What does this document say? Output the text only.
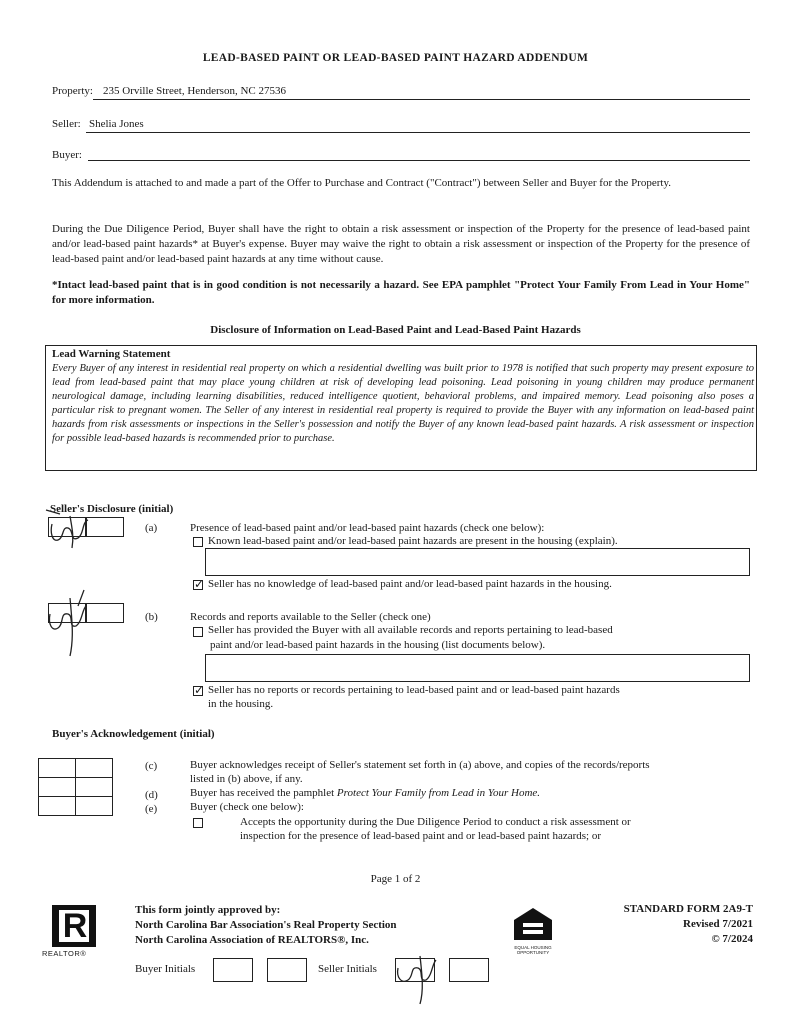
LEAD-BASED PAINT OR LEAD-BASED PAINT HAZARD ADDENDUM
Property: 235 Orville Street, Henderson, NC 27536
Seller: Shelia Jones
Buyer:
This Addendum is attached to and made a part of the Offer to Purchase and Contract ("Contract") between Seller and Buyer for the Property.
During the Due Diligence Period, Buyer shall have the right to obtain a risk assessment or inspection of the Property for the presence of lead-based paint and/or lead-based paint hazards* at Buyer's expense. Buyer may waive the right to obtain a risk assessment or inspection of the Property for the presence of lead-based paint and/or lead-based paint hazards at any time without cause.
*Intact lead-based paint that is in good condition is not necessarily a hazard. See EPA pamphlet "Protect Your Family From Lead in Your Home" for more information.
Disclosure of Information on Lead-Based Paint and Lead-Based Paint Hazards
Lead Warning Statement
Every Buyer of any interest in residential real property on which a residential dwelling was built prior to 1978 is notified that such property may present exposure to lead from lead-based paint that may place young children at risk of developing lead poisoning. Lead poisoning in young children may produce permanent neurological damage, including learning disabilities, reduced intelligence quotient, behavioral problems, and impaired memory. Lead poisoning also poses a particular risk to pregnant women. The Seller of any interest in residential real property is required to provide the Buyer with any information on lead-based paint hazards from risk assessments or inspections in the Seller's possession and notify the Buyer of any known lead-based paint hazards. A risk assessment or inspection for possible lead-based hazards is recommended prior to purchase.
Seller's Disclosure (initial)
(a)	Presence of lead-based paint and/or lead-based paint hazards (check one below):
Known lead-based paint and/or lead-based paint hazards are present in the housing (explain).
✓ Seller has no knowledge of lead-based paint and/or lead-based paint hazards in the housing.
(b)	Records and reports available to the Seller (check one)
Seller has provided the Buyer with all available records and reports pertaining to lead-based
paint and/or lead-based paint hazards in the housing (list documents below).
✓ Seller has no reports or records pertaining to lead-based paint and or lead-based paint hazards
in the housing.
Buyer's Acknowledgement (initial)
(c)	Buyer acknowledges receipt of Seller's statement set forth in (a) above, and copies of the records/reports
listed in (b) above, if any.
(d)	Buyer has received the pamphlet Protect Your Family from Lead in Your Home.
(e)	Buyer (check one below):
Accepts the opportunity during the Due Diligence Period to conduct a risk assessment or
inspection for the presence of lead-based paint and or lead-based paint hazards; or
Page 1 of 2
R
REALTOR®
This form jointly approved by:
North Carolina Bar Association's Real Property Section
North Carolina Association of REALTORS®, Inc.
EQUAL HOUSING OPPORTUNITY
STANDARD FORM 2A9-T
Revised 7/2021
© 7/2024
Buyer Initials	Seller Initials
